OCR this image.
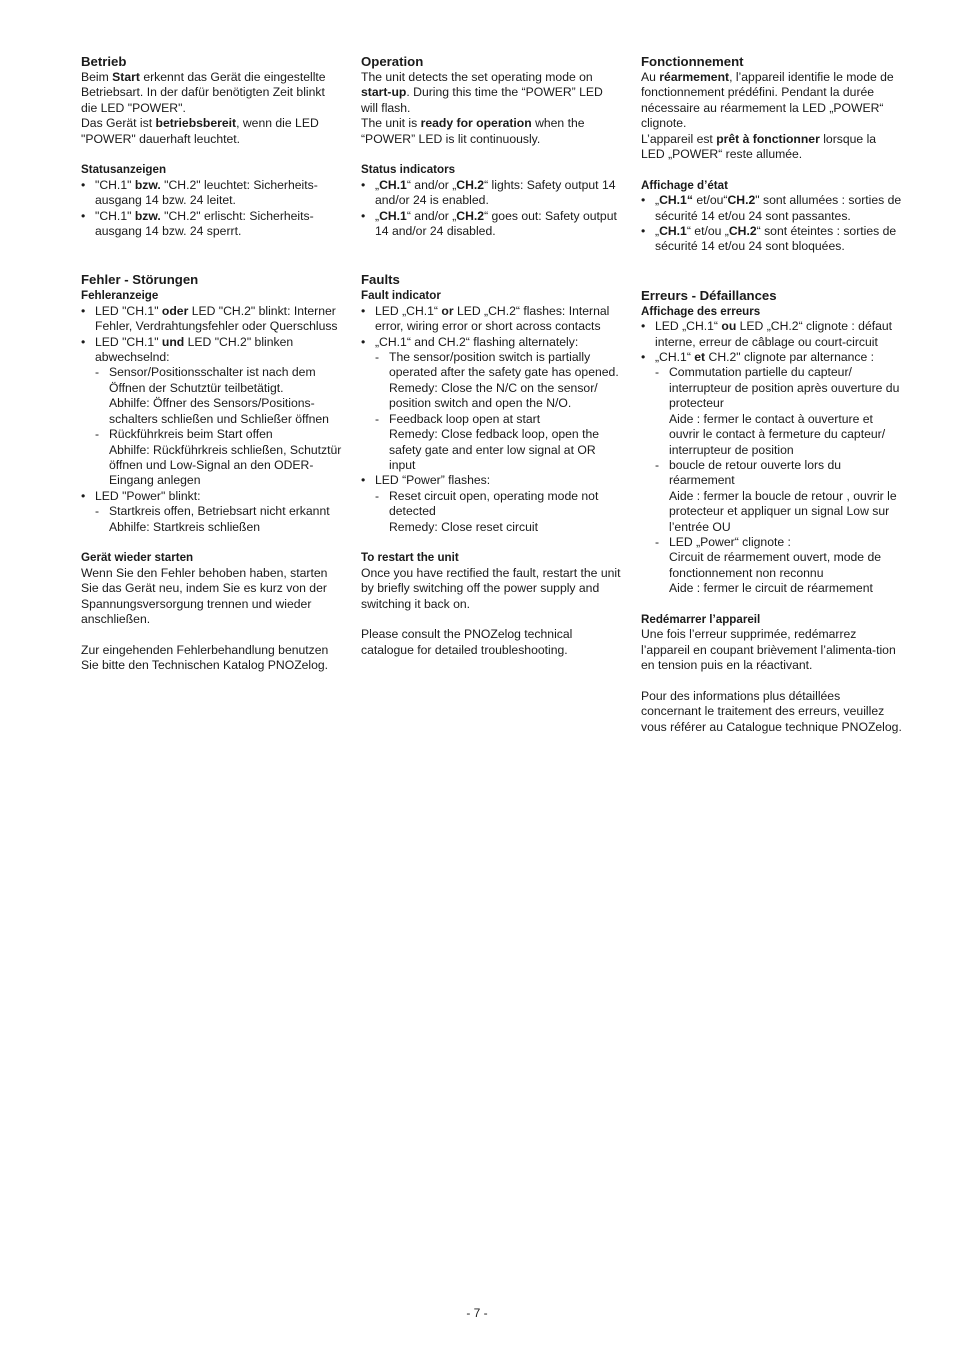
Betrieb

Beim Start erkennt das Gerät die eingestellte Betriebsart. In der dafür benötigten Zeit blinkt die LED "POWER".

Das Gerät ist betriebsbereit, wenn die LED "POWER" dauerhaft leuchtet.

Statusanzeigen
• "CH.1" bzw. "CH.2" leuchtet: Sicherheits-ausgang 14 bzw. 24 leitet.
• "CH.1" bzw. "CH.2" erlischt: Sicherheits-ausgang 14 bzw. 24 sperrt.
Fehler - Störungen
Fehleranzeige
• LED "CH.1" oder LED "CH.2" blinkt: Interner Fehler, Verdrahtungsfehler oder Querschluss
• LED "CH.1" und LED "CH.2" blinken abwechselnd:
- Sensor/Positionsschalter ist nach dem Öffnen der Schutztür teilbetätigt.
Abhilfe: Öffner des Sensors/Positions-schalters schließen und Schließer öffnen
- Rückführkreis beim Start offen
Abhilfe: Rückführkreis schließen, Schutztür öffnen und Low-Signal an den ODER-Eingang anlegen
• LED "Power" blinkt:
- Startkreis offen, Betriebsart nicht erkannt
Abhilfe: Startkreis schließen
Gerät wieder starten

Wenn Sie den Fehler behoben haben, starten Sie das Gerät neu, indem Sie es kurz von der Spannungsversorgung trennen und wieder anschließen.

Zur eingehenden Fehlerbehandlung benutzen Sie bitte den Technischen Katalog PNOZelog.

Operation

The unit detects the set operating mode on start-up. During this time the “POWER” LED will flash.

The unit is ready for operation when the “POWER” LED is lit continuously.

Status indicators
• „CH.1“ and/or „CH.2“ lights: Safety output 14 and/or 24 is enabled.
• „CH.1“ and/or „CH.2“ goes out: Safety output 14 and/or 24 disabled.
Faults
Fault indicator
• LED „CH.1“ or LED „CH.2“ flashes: Internal error, wiring error or short across contacts
• „CH.1“ and CH.2“ flashing alternately:
- The sensor/position switch is partially operated after the safety gate has opened.
Remedy: Close the N/C on the sensor/ position switch and open the N/O.
- Feedback loop open at start
Remedy: Close fedback loop, open the safety gate and enter low signal at OR input
• LED “Power” flashes:
- Reset circuit open, operating mode not detected
Remedy: Close reset circuit
To restart the unit

Once you have rectified the fault, restart the unit by briefly switching off the power supply and switching it back on.

Please consult the PNOZelog technical catalogue for detailed troubleshooting.

Fonctionnement

Au réarmement, l’appareil identifie le mode de fonctionnement prédéfini. Pendant la durée nécessaire au réarmement la LED „POWER“ clignote.

L’appareil est prêt à fonctionner lorsque la LED „POWER“ reste allumée.

Affichage d’état
• „CH.1“ et/ou“CH.2" sont allumées : sorties de sécurité 14 et/ou 24 sont passantes.
• „CH.1“ et/ou „CH.2“ sont éteintes : sorties de sécurité 14 et/ou 24 sont bloquées.
Erreurs - Défaillances
Affichage des erreurs
• LED „CH.1“ ou LED „CH.2“ clignote : défaut interne, erreur de câblage ou court-circuit
• „CH.1“ et CH.2" clignote par alternance :
- Commutation partielle du capteur/ interrupteur de position après ouverture du protecteur
Aide : fermer le contact à ouverture et ouvrir le contact à fermeture du capteur/ interrupteur de position
- boucle de retour ouverte lors du réarmement
Aide : fermer la boucle de retour , ouvrir le protecteur et appliquer un signal Low sur l’entrée OU
- LED „Power“ clignote :
Circuit de réarmement ouvert, mode de fonctionnement non reconnu
Aide : fermer le circuit de réarmement
Redémarrer l’appareil

Une fois l’erreur supprimée, redémarrez l’appareil en coupant brièvement l’alimenta-tion en tension puis en la réactivant.

Pour des informations plus détaillées concernant le traitement des erreurs, veuillez vous référer au Catalogue technique PNOZelog.

- 7 -
